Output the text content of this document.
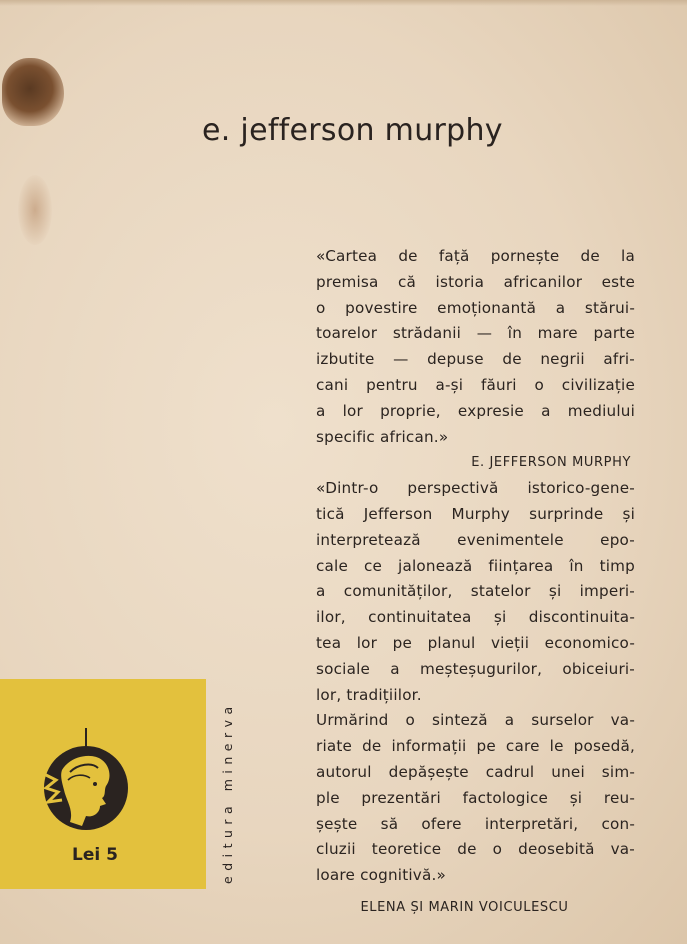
e. jefferson murphy
«Cartea de față pornește de la
premisa că istoria africanilor este
o povestire emoționantă a stărui-
toarelor strădanii — în mare parte
izbutite — depuse de negrii afri-
cani pentru a-și făuri o civilizație
a lor proprie, expresie a mediului
specific african.»
E. JEFFERSON MURPHY
«Dintr-o perspectivă istorico-gene-
tică Jefferson Murphy surprinde și
interpretează evenimentele epo-
cale ce jalonează ființarea în timp
a comunităților, statelor și imperi-
ilor, continuitatea și discontinuita-
tea lor pe planul vieții economico-
sociale a meșteșugurilor, obiceiuri-
lor, tradițiilor.
Urmărind o sinteză a surselor va-
riate de informații pe care le posedă,
autorul depășește cadrul unei sim-
ple prezentări factologice și reu-
șește să ofere interpretări, con-
cluzii teoretice de o deosebită va-
loare cognitivă.»
ELENA ȘI MARIN VOICULESCU

Lei 5	editura minerva
